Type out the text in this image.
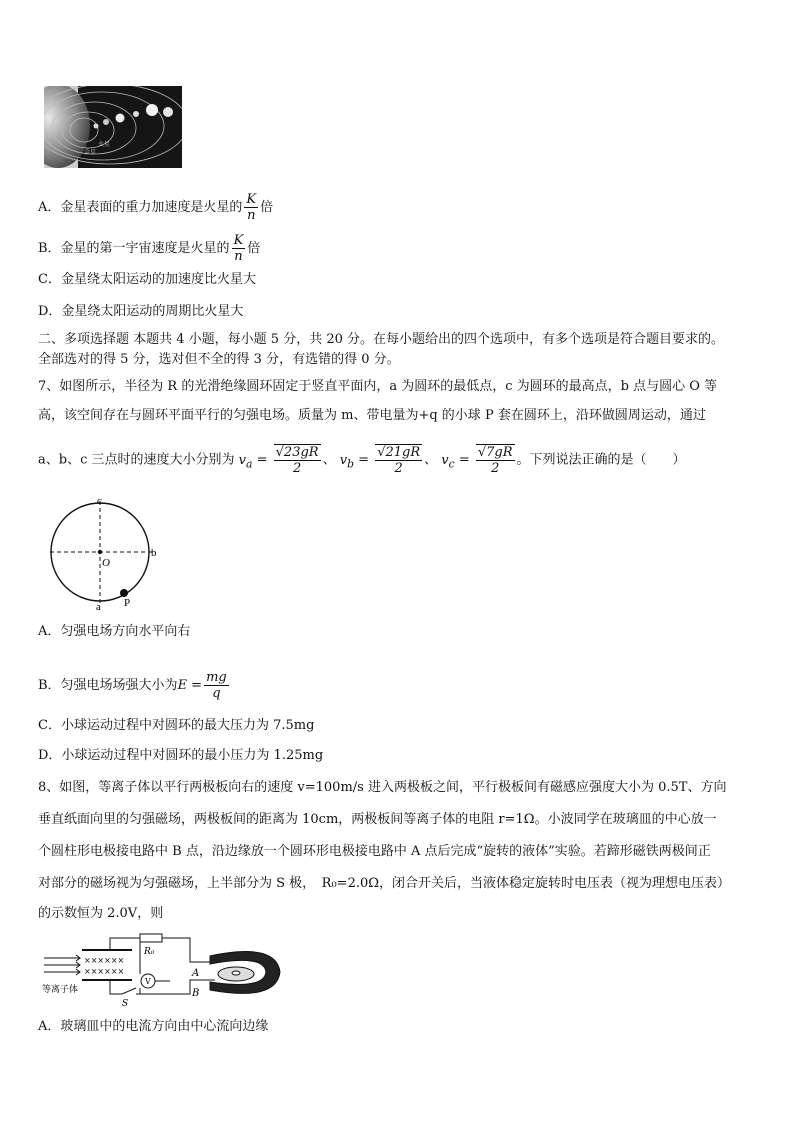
火星
金星
A．金星表面的重力加速度是火星的 $\frac{K}{n}$ 倍
B．金星的第一宇宙速度是火星的 $\frac{K}{n}$ 倍
C．金星绕太阳运动的加速度比火星大
D．金星绕太阳运动的周期比火星大
二、多项选择题 本题共 4 小题，每小题 5 分，共 20 分。在每小题给出的四个选项中，有多个选项是符合题目要求的。
全部选对的得 5 分，选对但不全的得 3 分，有选错的得 0 分。
7、如图所示，半径为 R 的光滑绝缘圆环固定于竖直平面内，a 为圆环的最低点，c 为圆环的最高点，b 点与圆心 O 等
高，该空间存在与圆环平面平行的匀强电场。质量为 m、带电量为+q 的小球 P 套在圆环上，沿环做圆周运动，通过
a、b、c 三点时的速度大小分别为 $v_a = \frac{√23gR}{2}$ 、 $v_b = \frac{√21gR}{2}$ 、 $v_c = \frac{√7gR}{2}$ 。下列说法正确的是（　　）
c
b
O
a P
A．匀强电场方向水平向右
B．匀强电场场强大小为$E = \frac{mg}{q}$
C．小球运动过程中对圆环的最大压力为 7.5mg
D．小球运动过程中对圆环的最小压力为 1.25mg
8、如图，等离子体以平行两极板向右的速度 v=100m/s 进入两极板之间，平行极板间有磁感应强度大小为 0.5T、方向
垂直纸面向里的匀强磁场，两极板间的距离为 10cm，两极板间等离子体的电阻 r=1Ω。小波同学在玻璃皿的中心放一
个圆柱形电极接电路中 B 点，沿边缘放一个圆环形电极接电路中 A 点后完成“旋转的液体”实验。若蹄形磁铁两极间正
对部分的磁场视为匀强磁场，上半部分为 S 极，　R₀=2.0Ω，闭合开关后，当液体稳定旋转时电压表（视为理想电压表）
的示数恒为 2.0V，则
××××××
××××××
等离子体
R₀
S
V
A
B
A．玻璃皿中的电流方向由中心流向边缘
